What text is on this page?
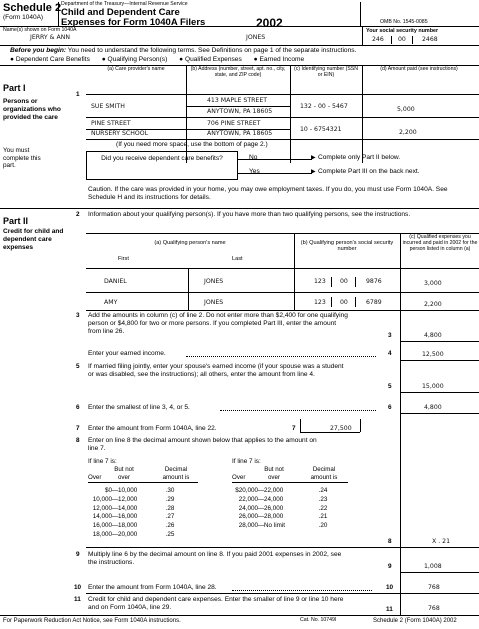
Schedule 2
(Form 1040A)
Department of the Treasury—Internal Revenue Service
Child and Dependent Care
Expenses for Form 1040A Filers	2002	OMB No. 1545-0085
Name(s) shown on Form 1040A
JERRY & ANN	JONES
Your social security number
246 00	2468
Before you begin: You need to understand the following terms. See Definitions on page 1 of the separate instructions.
● Dependent Care Benefits ● Qualifying Person(s) ● Qualified Expenses ● Earned Income
Part I
Persons or organizations who provided the care
You must complete this part.
1
(a) Care provider's name	(b) Address (number, street, apt. no., city, state, and ZIP code)
(c) Identifying number (SSN or EIN)
(d) Amount paid (see instructions)
SUE SMITH
413 MAPLE STREET
ANYTOWN, PA 18605
132 - 00 - 5467	5,000
PINE STREET
NURSERY SCHOOL
706 PINE STREET
ANYTOWN, PA 18605
10 - 6754321	2,200
(If you need more space, use the bottom of page 2.)
Did you receive dependent care benefits?	No	▶ Complete only Part II below.
Yes	▶ Complete Part III on the back next.
Caution. If the care was provided in your home, you may owe employment taxes. If you do, you must use Form 1040A. See Schedule H and its instructions for details.
Part II
Credit for child and dependent care expenses
2 Information about your qualifying person(s). If you have more than two qualifying persons, see the instructions.
(a) Qualifying person's name
First	Last
(b) Qualifying person's social security number
(c) Qualified expenses you incurred and paid in 2002 for the person listed in column (a)
DANIEL	JONES	123 00	9876	3,000
AMY	JONES	123 00	6789	2,200
3 Add the amounts in column (c) of line 2. Do not enter more than $2,400 for one qualifying person or $4,800 for two or more persons. If you completed Part III, enter the amount from line 26.
3	4,800
Enter your earned income.	4	12,500
5 If married filing jointly, enter your spouse's earned income (if your spouse was a student or was disabled, see the instructions); all others, enter the amount from line 4.
5	15,000
6 Enter the smallest of line 3, 4, or 5.	6	4,800
7 Enter the amount from Form 1040A, line 22.	7	27,500
8 Enter on line 8 the decimal amount shown below that applies to the amount on line 7.
If line 7 is:
But not	Decimal
Over	over	amount is
$0 — 10,000	.30
10,000 — 12,000	.29
12,000 — 14,000	.28
14,000 — 16,000	.27
16,000 — 18,000	.26
18,000 — 20,000	.25
If line 7 is:
But not	Decimal
Over	over	amount is
$20,000 — 22,000	.24
22,000 — 24,000	.23
24,000 — 26,000	.22
26,000 — 28,000	.21
28,000 — No limit	.20
8	X . 21
9 Multiply line 6 by the decimal amount on line 8. If you paid 2001 expenses in 2002, see the instructions.
9	1,008
10 Enter the amount from Form 1040A, line 28.	10	768
11 Credit for child and dependent care expenses. Enter the smaller of line 9 or line 10 here and on Form 1040A, line 29.	11	768
For Paperwork Reduction Act Notice, see Form 1040A instructions.	Cat. No. 10749I	Schedule 2 (Form 1040A) 2002
